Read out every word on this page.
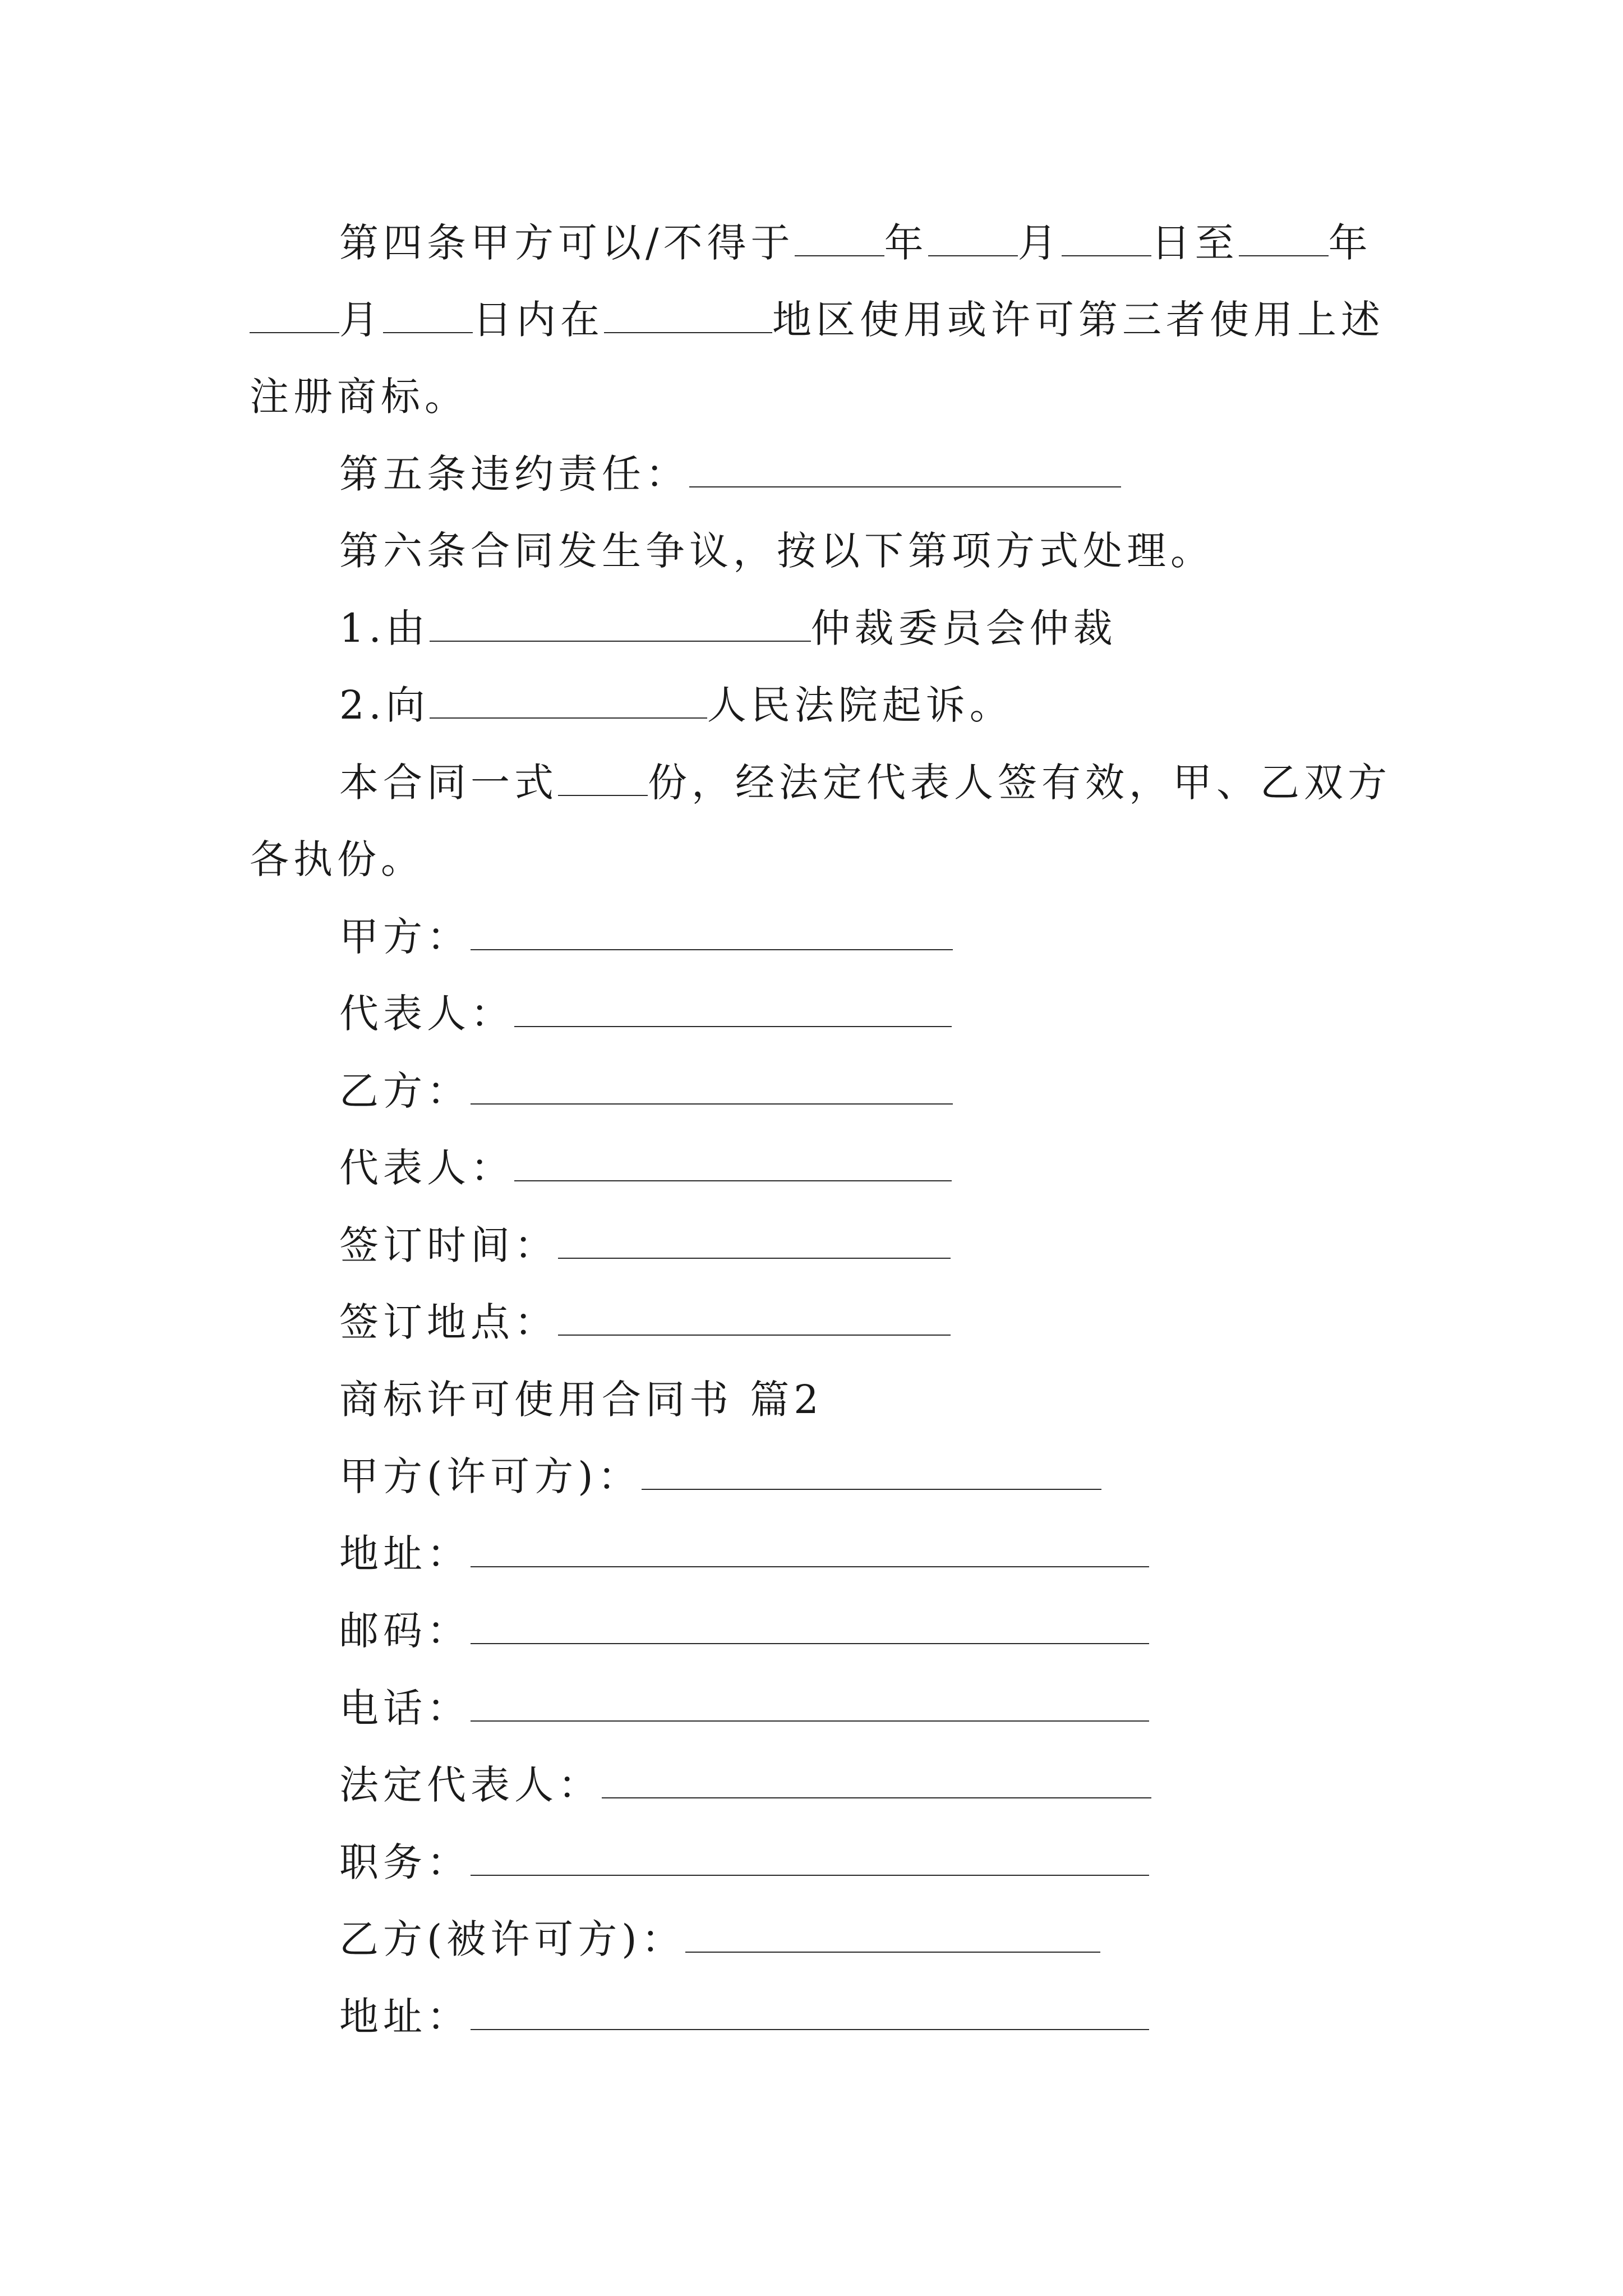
第四条甲方可以/不得于 年 月 日至 年
月 日内在	地区使用或许可第三者使用上述
注册商标。
第五条违约责任：
第六条合同发生争议，按以下第项方式处理。
1.由	仲裁委员会仲裁
2.向	人民法院起诉。
本合同一式 份，经法定代表人签有效，甲、乙双方
各执份。
甲方：
代表人：
乙方：
代表人：
签订时间：
签订地点：
商标许可使用合同书 篇2
甲方(许可方)：
地址：
邮码：
电话：
法定代表人：
职务：
乙方(被许可方)：
地址：
